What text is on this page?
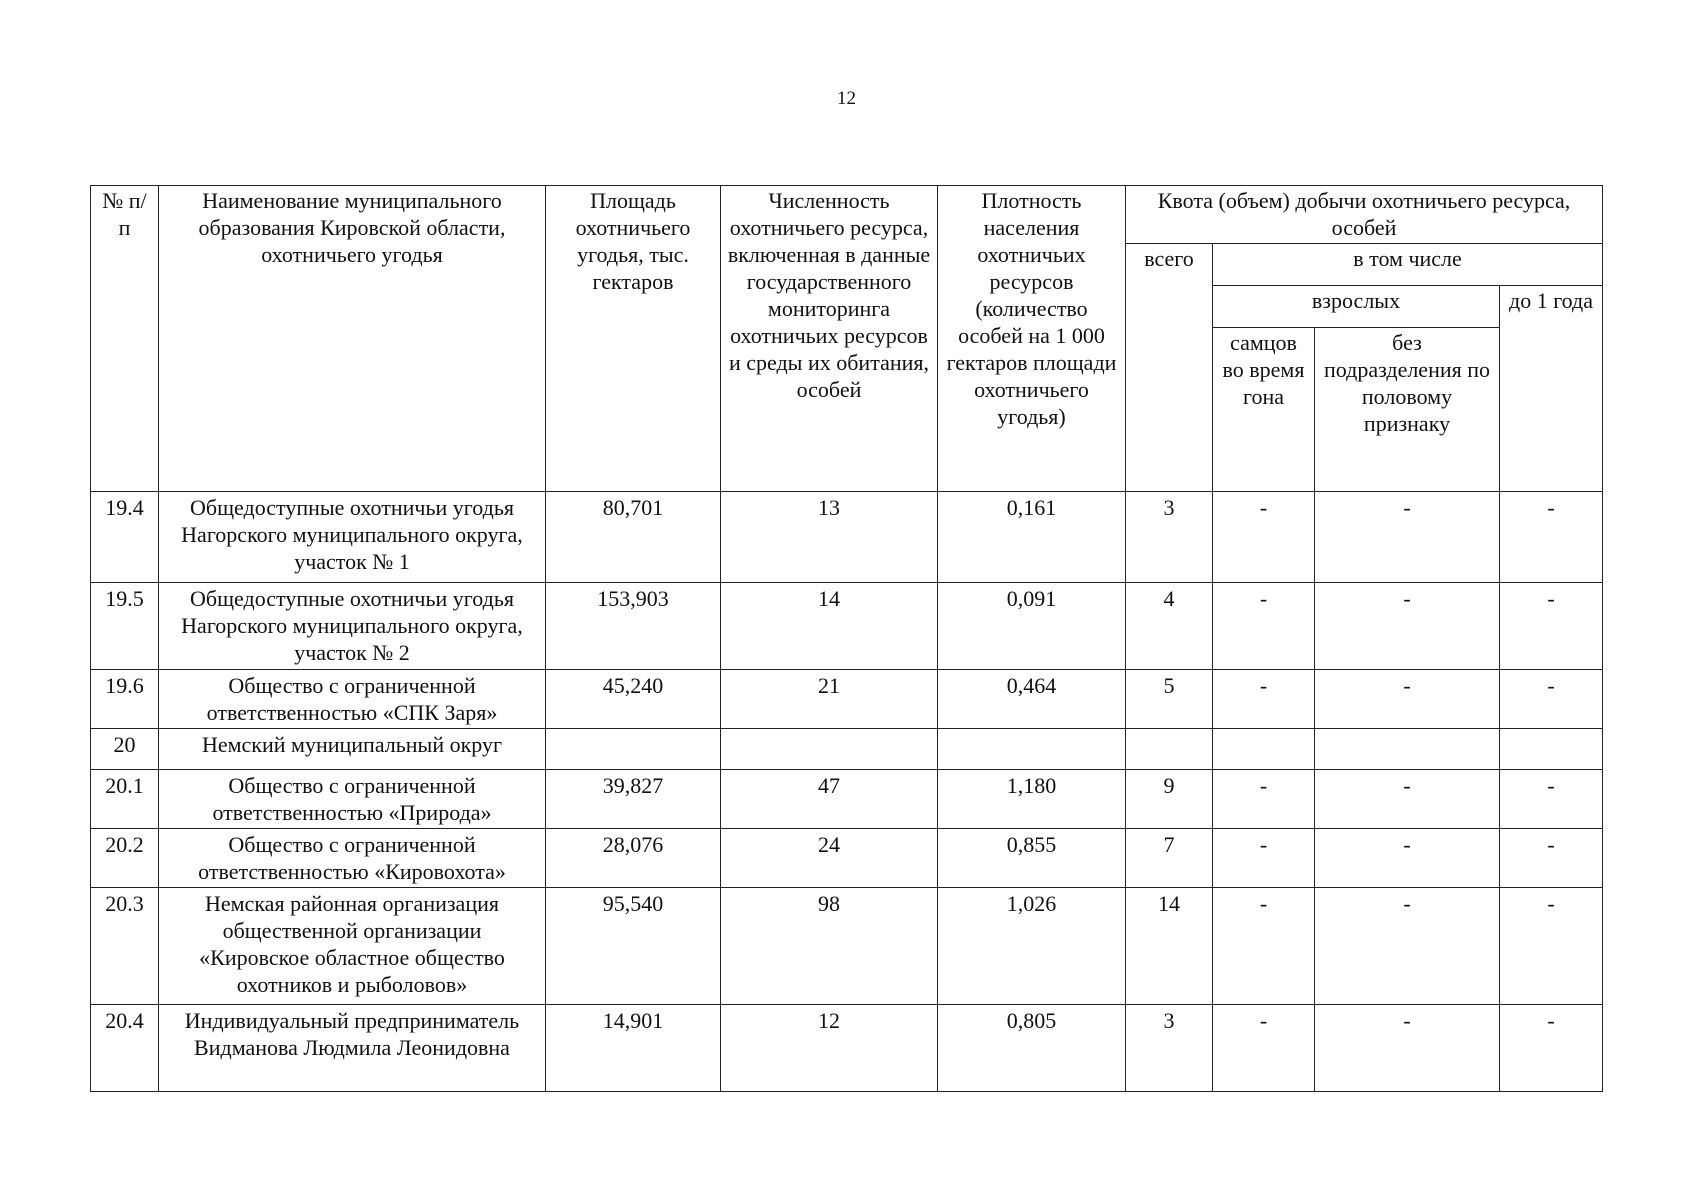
12
№ п/п	Наименование муниципального образования Кировской области, охотничьего угодья	Площадь охотничьего угодья, тыс. гектаров	Численность охотничьего ресурса, включенная в данные государственного мониторинга охотничьих ресурсов и среды их обитания, особей	Плотность населения охотничьих ресурсов (количество особей на 1 000 гектаров площади охотничьего угодья)	Квота (объем) добычи охотничьего ресурса, особей			
					всего	в том числе		
						взрослых		до 1 года
						самцов во время гона	без подразделения по половому признаку	
19.4	Общедоступные охотничьи угодья Нагорского муниципального округа, участок № 1	80,701	13	0,161	3	-	-	-
19.5	Общедоступные охотничьи угодья Нагорского муниципального округа, участок № 2	153,903	14	0,091	4	-	-	-
19.6	Общество с ограниченной ответственностью «СПК Заря»	45,240	21	0,464	5	-	-	-
20	Немский муниципальный округ							
20.1	Общество с ограниченной ответственностью «Природа»	39,827	47	1,180	9	-	-	-
20.2	Общество с ограниченной ответственностью «Кировохота»	28,076	24	0,855	7	-	-	-
20.3	Немская районная организация общественной организации «Кировское областное общество охотников и рыболовов»	95,540	98	1,026	14	-	-	-
20.4	Индивидуальный предприниматель Видманова Людмила Леонидовна	14,901	12	0,805	3	-	-	-
